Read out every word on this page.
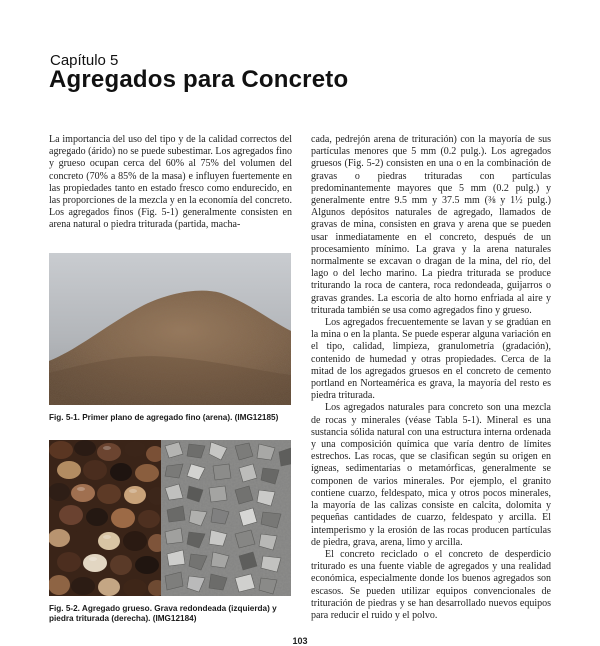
Capítulo 5
Agregados para Concreto

La importancia del uso del tipo y de la calidad correctos del agregado (árido) no se puede subestimar. Los agregados fino y grueso ocupan cerca del 60% al 75% del volumen del concreto (70% a 85% de la masa) e influyen fuertemente en las propiedades tanto en estado fresco como endurecido, en las proporciones de la mezcla y en la economía del concreto. Los agregados finos (Fig. 5-1) generalmente consisten en arena natural o piedra triturada (partida, macha-

Fig. 5-1. Primer plano de agregado fino (arena). (IMG12185)
Fig. 5-2. Agregado grueso. Grava redondeada (izquierda) y piedra triturada (derecha). (IMG12184)

cada, pedrejón arena de trituración) con la mayoría de sus partículas menores que 5 mm (0.2 pulg.). Los agregados gruesos (Fig. 5-2) consisten en una o en la combinación de gravas o piedras trituradas con partículas predominantemente mayores que 5 mm (0.2 pulg.) y generalmente entre 9.5 mm y 37.5 mm (⅜ y 1½ pulg.) Algunos depósitos naturales de agregado, llamados de gravas de mina, consisten en grava y arena que se pueden usar inmediatamente en el concreto, después de un procesamiento mínimo. La grava y la arena naturales normalmente se excavan o dragan de la mina, del río, del lago o del lecho marino. La piedra triturada se produce triturando la roca de cantera, roca redondeada, guijarros o gravas grandes. La escoria de alto horno enfriada al aire y triturada también se usa como agregados fino y grueso.

Los agregados frecuentemente se lavan y se gradúan en la mina o en la planta. Se puede esperar alguna variación en el tipo, calidad, limpieza, granulometría (gradación), contenido de humedad y otras propiedades. Cerca de la mitad de los agregados gruesos en el concreto de cemento portland en Norteamérica es grava, la mayoría del resto es piedra triturada.

Los agregados naturales para concreto son una mezcla de rocas y minerales (véase Tabla 5-1). Mineral es una sustancia sólida natural con una estructura interna ordenada y una composición química que varía dentro de límites estrechos. Las rocas, que se clasifican según su origen en ígneas, sedimentarias o metamórficas, generalmente se componen de varios minerales. Por ejemplo, el granito contiene cuarzo, feldespato, mica y otros pocos minerales, la mayoría de las calizas consiste en calcita, dolomita y pequeñas cantidades de cuarzo, feldespato y arcilla. El intemperismo y la erosión de las rocas producen partículas de piedra, grava, arena, limo y arcilla.

El concreto reciclado o el concreto de desperdicio triturado es una fuente viable de agregados y una realidad económica, especialmente donde los buenos agregados son escasos. Se pueden utilizar equipos convencionales de trituración de piedras y se han desarrollado nuevos equipos para reducir el ruido y el polvo.

103
